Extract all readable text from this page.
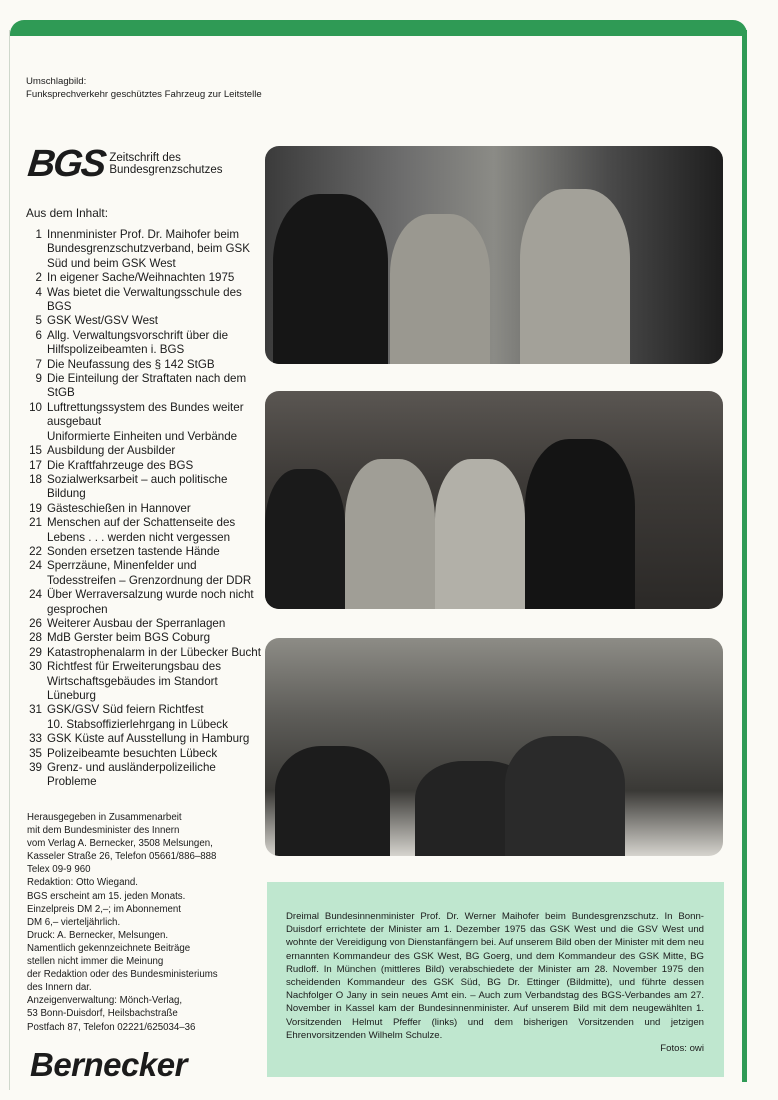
Umschlagbild:
Funksprechverkehr geschütztes Fahrzeug zur Leitstelle
BGS Zeitschrift des
Bundesgrenzschutzes
Aus dem Inhalt:
1 Innenminister Prof. Dr. Maihofer beim Bundesgrenzschutzverband, beim GSK Süd und beim GSK West
2 In eigener Sache/Weihnachten 1975
4 Was bietet die Verwaltungsschule des BGS
5 GSK West/GSV West
6 Allg. Verwaltungsvorschrift über die Hilfspolizeibeamten i. BGS
7 Die Neufassung des § 142 StGB
9 Die Einteilung der Straftaten nach dem StGB
10 Luftrettungssystem des Bundes weiter ausgebaut
Uniformierte Einheiten und Verbände
15 Ausbildung der Ausbilder
17 Die Kraftfahrzeuge des BGS
18 Sozialwerksarbeit – auch politische Bildung
19 Gästeschießen in Hannover
21 Menschen auf der Schattenseite des Lebens . . . werden nicht vergessen
22 Sonden ersetzen tastende Hände
24 Sperrzäune, Minenfelder und Todesstreifen – Grenzordnung der DDR
24 Über Werraversalzung wurde noch nicht gesprochen
26 Weiterer Ausbau der Sperranlagen
28 MdB Gerster beim BGS Coburg
29 Katastrophenalarm in der Lübecker Bucht
30 Richtfest für Erweiterungsbau des Wirtschaftsgebäudes im Standort Lüneburg
31 GSK/GSV Süd feiern Richtfest
10. Stabsoffizierlehrgang in Lübeck
33 GSK Küste auf Ausstellung in Hamburg
35 Polizeibeamte besuchten Lübeck
39 Grenz- und ausländerpolizeiliche Probleme
Herausgegeben in Zusammenarbeit
mit dem Bundesminister des Innern
vom Verlag A. Bernecker, 3508 Melsungen,
Kasseler Straße 26, Telefon 05661/886–888
Telex 09-9 960
Redaktion: Otto Wiegand.
BGS erscheint am 15. jeden Monats.
Einzelpreis DM 2,–; im Abonnement
DM 6,– vierteljährlich.
Druck: A. Bernecker, Melsungen.
Namentlich gekennzeichnete Beiträge
stellen nicht immer die Meinung
der Redaktion oder des Bundesministeriums
des Innern dar.
Anzeigenverwaltung: Mönch-Verlag,
53 Bonn-Duisdorf, Heilsbachstraße
Postfach 87, Telefon 02221/625034–36
Bernecker
Dreimal Bundesinnenminister Prof. Dr. Werner Maihofer beim Bundesgrenzschutz. In Bonn-Duisdorf errichtete der Minister am 1. Dezember 1975 das GSK West und die GSV West und wohnte der Vereidigung von Dienstanfängern bei. Auf unserem Bild oben der Minister mit dem neu ernannten Kommandeur des GSK West, BG Goerg, und dem Kommandeur des GSK Mitte, BG Rudloff. In München (mittleres Bild) verabschiedete der Minister am 28. November 1975 den scheidenden Kommandeur des GSK Süd, BG Dr. Ettinger (Bildmitte), und führte dessen Nachfolger O Jany in sein neues Amt ein. – Auch zum Verbandstag des BGS-Verbandes am 27. November in Kassel kam der Bundesinnenminister. Auf unserem Bild mit dem neugewählten 1. Vorsitzenden Helmut Pfeffer (links) und dem bisherigen Vorsitzenden und jetzigen Ehrenvorsitzenden Wilhelm Schulze.
Fotos: owi
